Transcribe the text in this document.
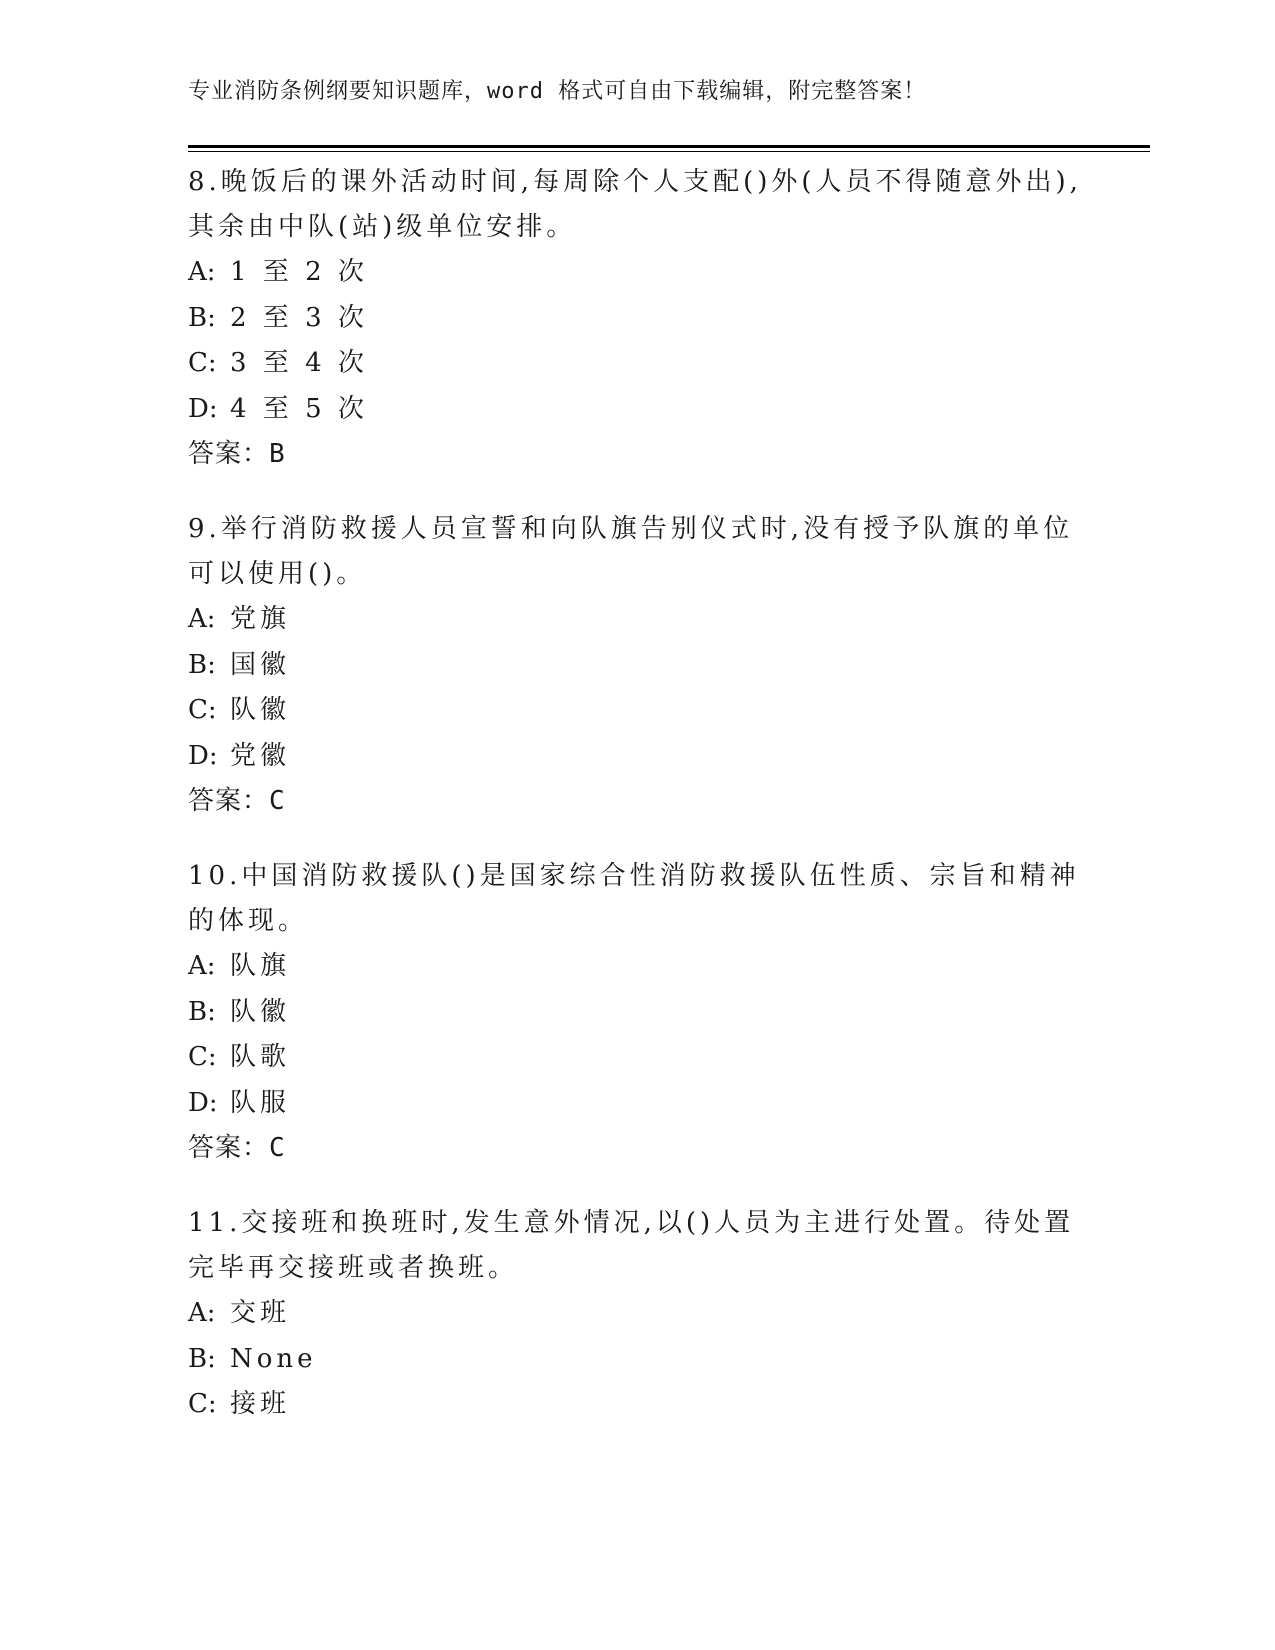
专业消防条例纲要知识题库，word 格式可自由下载编辑，附完整答案！

8.晚饭后的课外活动时间,每周除个人支配()外(人员不得随意外出),其余由中队(站)级单位安排。

A: 1 至 2 次
B: 2 至 3 次
C: 3 至 4 次
D: 4 至 5 次
答案：B

9.举行消防救援人员宣誓和向队旗告别仪式时,没有授予队旗的单位可以使用()。

A: 党旗
B: 国徽
C: 队徽
D: 党徽
答案：C

10.中国消防救援队()是国家综合性消防救援队伍性质、宗旨和精神的体现。

A: 队旗
B: 队徽
C: 队歌
D: 队服
答案：C

11.交接班和换班时,发生意外情况,以()人员为主进行处置。待处置完毕再交接班或者换班。

A: 交班
B: None
C: 接班
